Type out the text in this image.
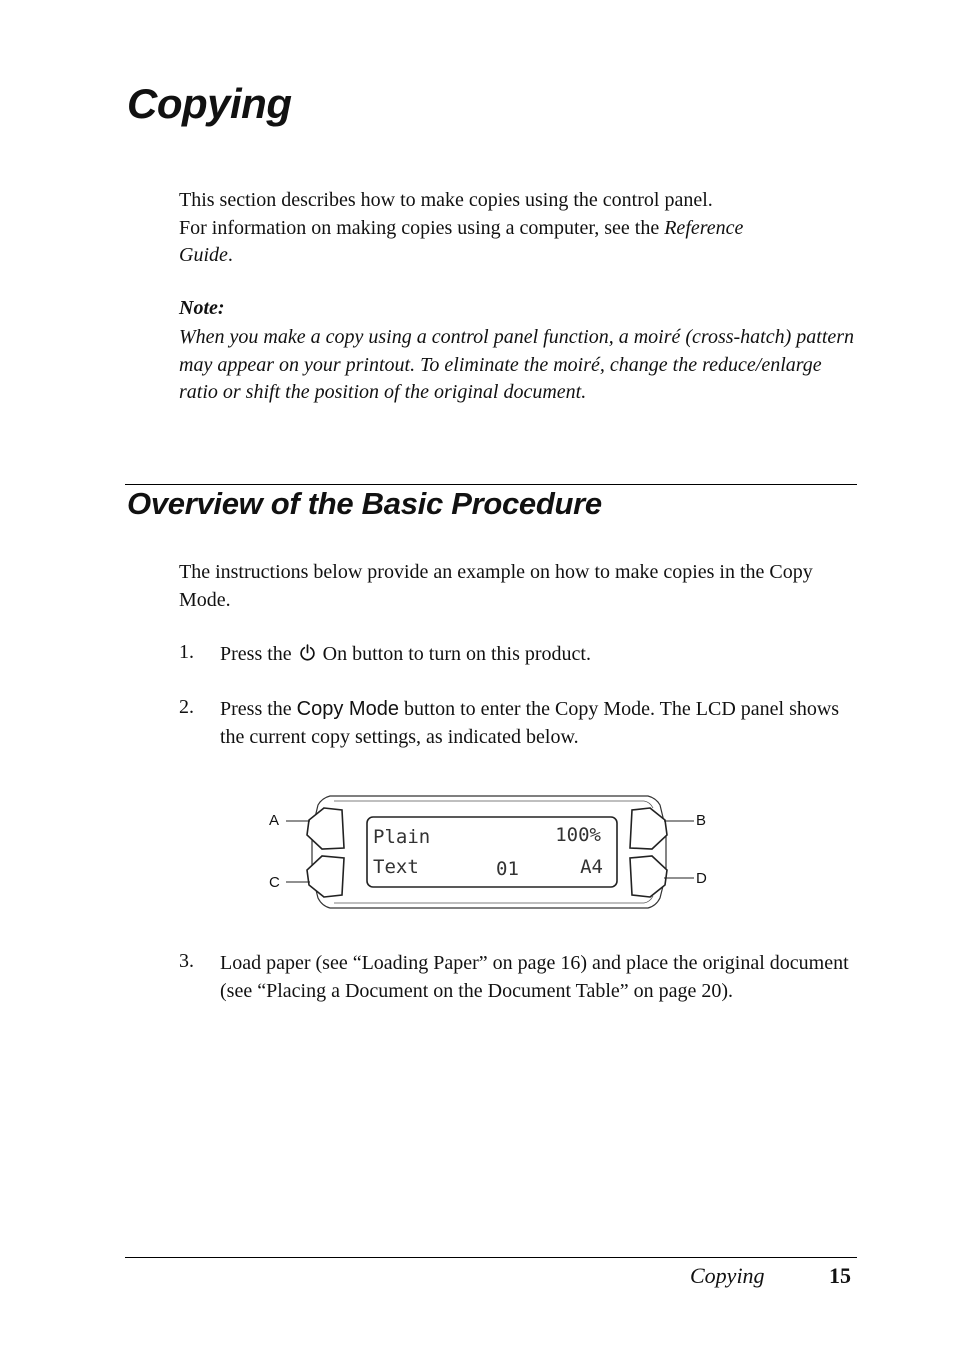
Copying

This section describes how to make copies using the control panel.
For information on making copies using a computer, see the Reference
Guide.

Note:
When you make a copy using a control panel function, a moiré (cross-hatch) pattern may appear on your printout. To eliminate the moiré, change the reduce/enlarge ratio or shift the position of the original document.
Overview of the Basic Procedure

The instructions below provide an example on how to make copies in the Copy Mode.

1. Press the  On button to turn on this product.
2. Press the Copy Mode button to enter the Copy Mode. The LCD panel shows the current copy settings, as indicated below.
A
C
B
D
Plain	100%
Text	01	A4
3. Load paper (see “Loading Paper” on page 16) and place the original document (see “Placing a Document on the Document Table” on page 20).
Copying	15
